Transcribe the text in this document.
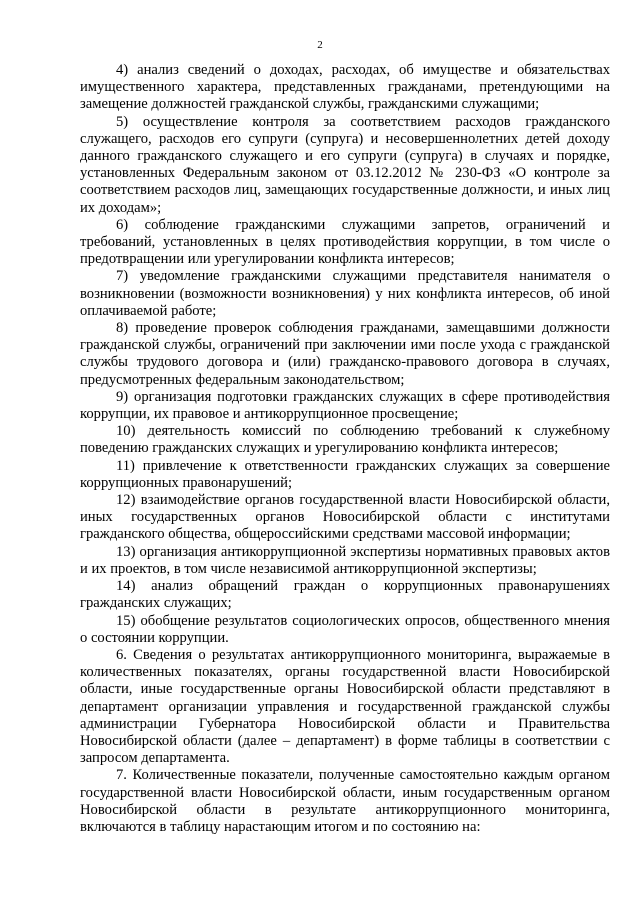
2

4) анализ сведений о доходах, расходах, об имуществе и обязательствах имущественного характера, представленных гражданами, претендующими на замещение должностей гражданской службы, гражданскими служащими;

5) осуществление контроля за соответствием расходов гражданского служащего, расходов его супруги (супруга) и несовершеннолетних детей доходу данного гражданского служащего и его супруги (супруга) в случаях и порядке, установленных Федеральным законом от 03.12.2012 № 230-ФЗ «О контроле за соответствием расходов лиц, замещающих государственные должности, и иных лиц их доходам»;

6) соблюдение гражданскими служащими запретов, ограничений и требований, установленных в целях противодействия коррупции, в том числе о предотвращении или урегулировании конфликта интересов;

7) уведомление гражданскими служащими представителя нанимателя о возникновении (возможности возникновения) у них конфликта интересов, об иной оплачиваемой работе;

8) проведение проверок соблюдения гражданами, замещавшими должности гражданской службы, ограничений при заключении ими после ухода с гражданской службы трудового договора и (или) гражданско-правового договора в случаях, предусмотренных федеральным законодательством;

9) организация подготовки гражданских служащих в сфере противодействия коррупции, их правовое и антикоррупционное просвещение;

10) деятельность комиссий по соблюдению требований к служебному поведению гражданских служащих и урегулированию конфликта интересов;

11) привлечение к ответственности гражданских служащих за совершение коррупционных правонарушений;

12) взаимодействие органов государственной власти Новосибирской области, иных государственных органов Новосибирской области с институтами гражданского общества, общероссийскими средствами массовой информации;

13) организация антикоррупционной экспертизы нормативных правовых актов и их проектов, в том числе независимой антикоррупционной экспертизы;

14) анализ обращений граждан о коррупционных правонарушениях гражданских служащих;

15) обобщение результатов социологических опросов, общественного мнения о состоянии коррупции.

6. Сведения о результатах антикоррупционного мониторинга, выражаемые в количественных показателях, органы государственной власти Новосибирской области, иные государственные органы Новосибирской области представляют в департамент организации управления и государственной гражданской службы администрации Губернатора Новосибирской области и Правительства Новосибирской области (далее – департамент) в форме таблицы в соответствии с запросом департамента.

7. Количественные показатели, полученные самостоятельно каждым органом государственной власти Новосибирской области, иным государственным органом Новосибирской области в результате антикоррупционного мониторинга, включаются в таблицу нарастающим итогом и по состоянию на:
